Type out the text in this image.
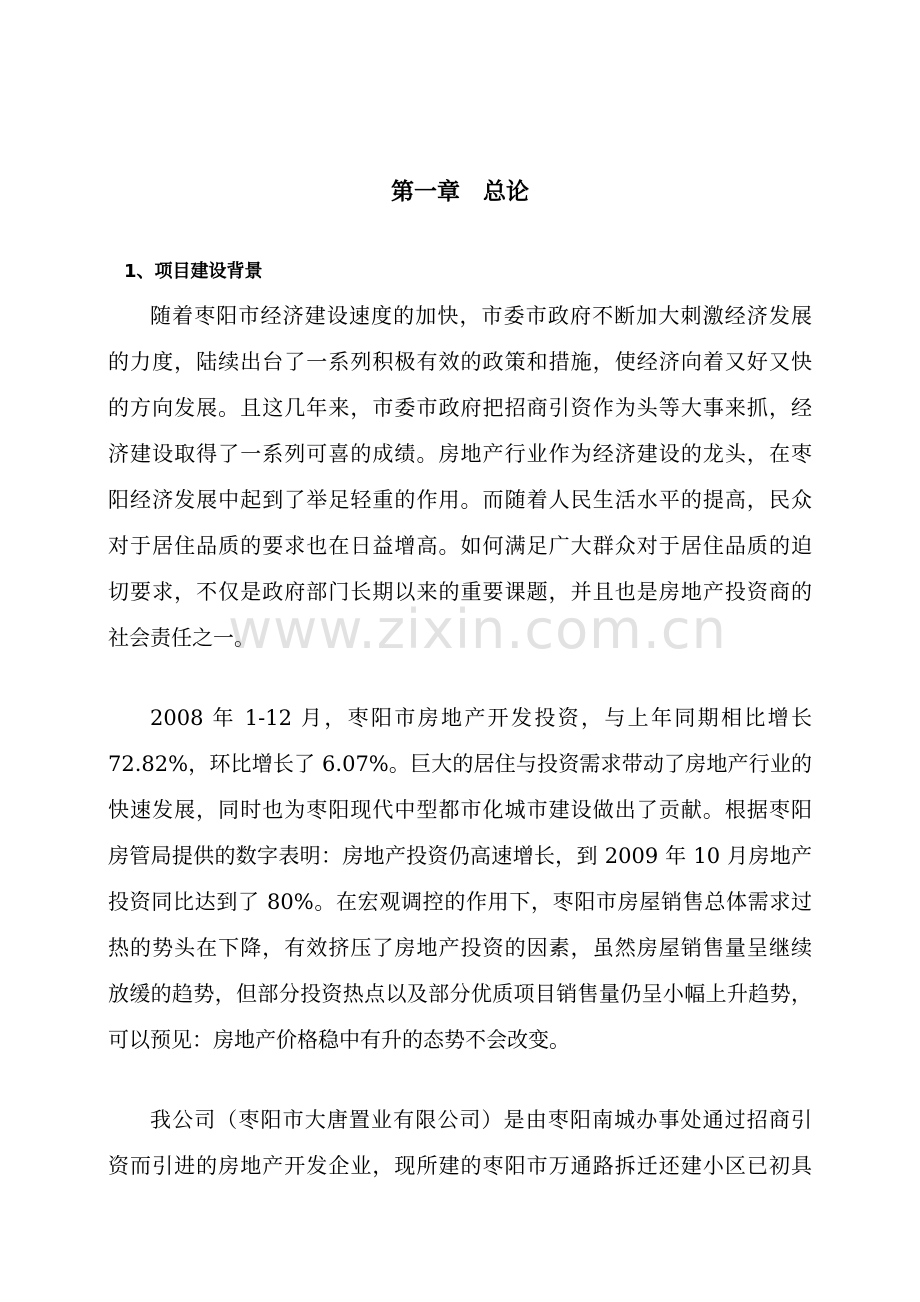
第一章　总论
1、项目建设背景
随着枣阳市经济建设速度的加快，市委市政府不断加大刺激经济发展
的力度，陆续出台了一系列积极有效的政策和措施，使经济向着又好又快
的方向发展。且这几年来，市委市政府把招商引资作为头等大事来抓，经
济建设取得了一系列可喜的成绩。房地产行业作为经济建设的龙头，在枣
阳经济发展中起到了举足轻重的作用。而随着人民生活水平的提高，民众
对于居住品质的要求也在日益增高。如何满足广大群众对于居住品质的迫
切要求，不仅是政府部门长期以来的重要课题，并且也是房地产投资商的
社会责任之一。
2008 年 1-12 月，枣阳市房地产开发投资，与上年同期相比增长
72.82%，环比增长了 6.07%。巨大的居住与投资需求带动了房地产行业的
快速发展，同时也为枣阳现代中型都市化城市建设做出了贡献。根据枣阳
房管局提供的数字表明：房地产投资仍高速增长，到 2009 年 10 月房地产
投资同比达到了 80%。在宏观调控的作用下，枣阳市房屋销售总体需求过
热的势头在下降，有效挤压了房地产投资的因素，虽然房屋销售量呈继续
放缓的趋势，但部分投资热点以及部分优质项目销售量仍呈小幅上升趋势，
可以预见：房地产价格稳中有升的态势不会改变。
我公司（枣阳市大唐置业有限公司）是由枣阳南城办事处通过招商引
资而引进的房地产开发企业，现所建的枣阳市万通路拆迁还建小区已初具
www.zixin.com.cn
